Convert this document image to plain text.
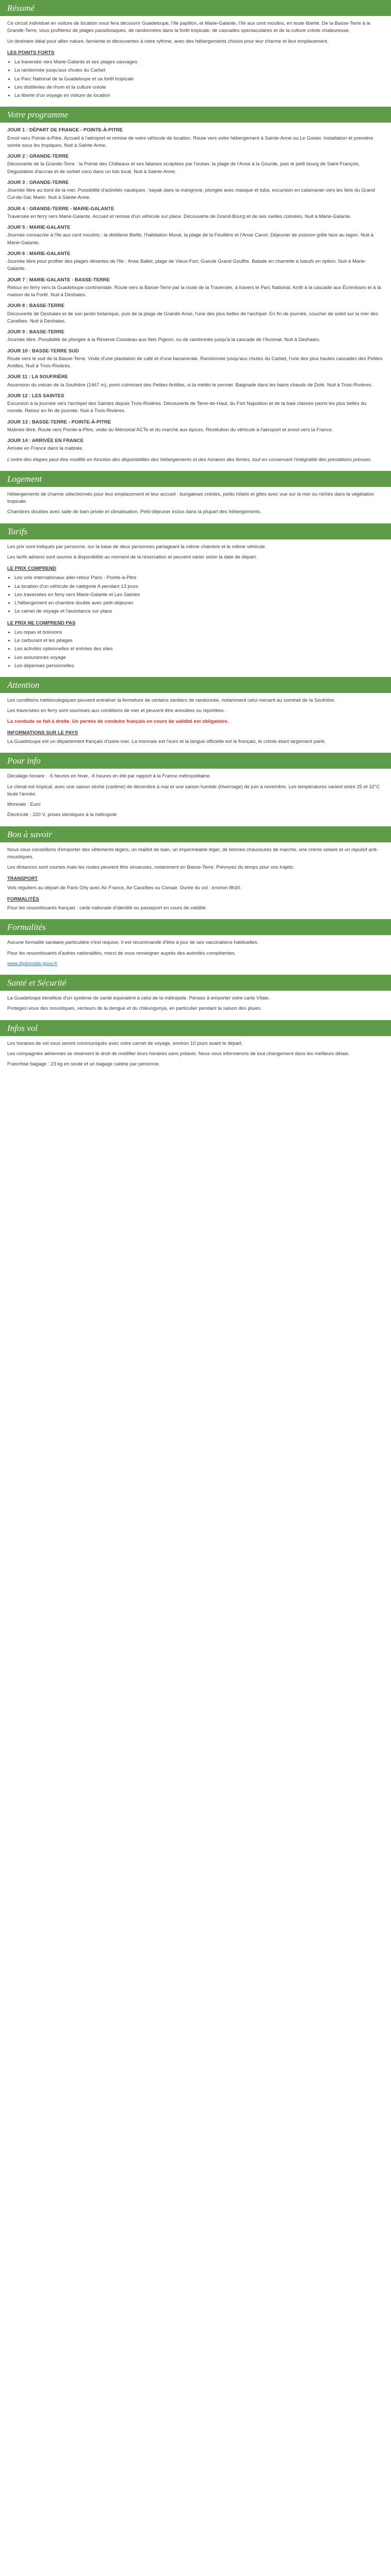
Résumé

Ce circuit individuel en voiture de location vous fera découvrir Guadeloupe, l'île papillon, et Marie-Galante, l'île aux cent moulins, en toute liberté. De la Basse-Terre à la Grande-Terre, vous profiterez de plages paradisiaques, de randonnées dans la forêt tropicale, de cascades spectaculaires et de la culture créole chaleureuse.

Un itinéraire idéal pour allier nature, farniente et découvertes à votre rythme, avec des hébergements choisis pour leur charme et leur emplacement.

LES POINTS FORTS
• La traversée vers Marie-Galante et ses plages sauvages
• La randonnée jusqu'aux chutes du Carbet
• Le Parc National de la Guadeloupe et sa forêt tropicale
• Les distilleries de rhum et la culture créole
• La liberté d'un voyage en voiture de location
Votre programme
JOUR 1 : DÉPART DE FRANCE - POINTE-À-PITRE

Envol vers Pointe-à-Pitre. Accueil à l'aéroport et remise de votre véhicule de location. Route vers votre hébergement à Sainte-Anne ou Le Gosier. Installation et première soirée sous les tropiques. Nuit à Sainte-Anne.

JOUR 2 : GRANDE-TERRE

Découverte de la Grande-Terre : la Pointe des Châteaux et ses falaises sculptées par l'océan, la plage de l'Anse à la Gourde, puis le petit bourg de Saint-François. Dégustation d'accras et de sorbet coco dans un lolo local. Nuit à Sainte-Anne.

JOUR 3 : GRANDE-TERRE

Journée libre au bord de la mer. Possibilité d'activités nautiques : kayak dans la mangrove, plongée avec masque et tuba, excursion en catamaran vers les îlets du Grand Cul-de-Sac Marin. Nuit à Sainte-Anne.

JOUR 4 : GRANDE-TERRE - MARIE-GALANTE

Traversée en ferry vers Marie-Galante. Accueil et remise d'un véhicule sur place. Découverte de Grand-Bourg et de ses ruelles colorées. Nuit à Marie-Galante.

JOUR 5 : MARIE-GALANTE

Journée consacrée à l'île aux cent moulins : la distillerie Bielle, l'habitation Murat, la plage de la Feuillère et l'Anse Canot. Déjeuner de poisson grillé face au lagon. Nuit à Marie-Galante.

JOUR 6 : MARIE-GALANTE

Journée libre pour profiter des plages désertes de l'île : Anse Ballet, plage de Vieux-Fort, Gueule Grand Gouffre. Balade en charrette à bœufs en option. Nuit à Marie-Galante.

JOUR 7 : MARIE-GALANTE - BASSE-TERRE

Retour en ferry vers la Guadeloupe continentale. Route vers la Basse-Terre par la route de la Traversée, à travers le Parc National. Arrêt à la cascade aux Écrevisses et à la maison de la Forêt. Nuit à Deshaies.

JOUR 8 : BASSE-TERRE

Découverte de Deshaies et de son jardin botanique, puis de la plage de Grande Anse, l'une des plus belles de l'archipel. En fin de journée, coucher de soleil sur la mer des Caraïbes. Nuit à Deshaies.

JOUR 9 : BASSE-TERRE

Journée libre. Possibilité de plongée à la Réserve Cousteau aux îlets Pigeon, ou de randonnée jusqu'à la cascade de l'Acomat. Nuit à Deshaies.

JOUR 10 : BASSE-TERRE SUD

Route vers le sud de la Basse-Terre. Visite d'une plantation de café et d'une bananeraie. Randonnée jusqu'aux chutes du Carbet, l'une des plus hautes cascades des Petites Antilles. Nuit à Trois-Rivières.

JOUR 11 : LA SOUFRIÈRE

Ascension du volcan de la Soufrière (1467 m), point culminant des Petites Antilles, si la météo le permet. Baignade dans les bains chauds de Dolé. Nuit à Trois-Rivières.

JOUR 12 : LES SAINTES

Excursion à la journée vers l'archipel des Saintes depuis Trois-Rivières. Découverte de Terre-de-Haut, du Fort Napoléon et de la baie classée parmi les plus belles du monde. Retour en fin de journée. Nuit à Trois-Rivières.

JOUR 13 : BASSE-TERRE - POINTE-À-PITRE

Matinée libre. Route vers Pointe-à-Pitre, visite du Mémorial ACTe et du marché aux épices. Restitution du véhicule à l'aéroport et envol vers la France.

JOUR 14 : ARRIVÉE EN FRANCE

Arrivée en France dans la matinée.

L'ordre des étapes peut être modifié en fonction des disponibilités des hébergements et des horaires des ferries, tout en conservant l'intégralité des prestations prévues.

Logement

Hébergements de charme sélectionnés pour leur emplacement et leur accueil : bungalows créoles, petits hôtels et gîtes avec vue sur la mer ou nichés dans la végétation tropicale.

Chambres doubles avec salle de bain privée et climatisation. Petit-déjeuner inclus dans la plupart des hébergements.

Tarifs

Les prix sont indiqués par personne, sur la base de deux personnes partageant la même chambre et le même véhicule.

Les tarifs aériens sont soumis à disponibilité au moment de la réservation et peuvent varier selon la date de départ.

LE PRIX COMPREND
• Les vols internationaux aller-retour Paris - Pointe-à-Pitre
• La location d'un véhicule de catégorie A pendant 13 jours
• Les traversées en ferry vers Marie-Galante et Les Saintes
• L'hébergement en chambre double avec petit-déjeuner
• Le carnet de voyage et l'assistance sur place
LE PRIX NE COMPREND PAS
• Les repas et boissons
• Le carburant et les péages
• Les activités optionnelles et entrées des sites
• Les assurances voyage
• Les dépenses personnelles
Attention

Les conditions météorologiques peuvent entraîner la fermeture de certains sentiers de randonnée, notamment celui menant au sommet de la Soufrière.

Les traversées en ferry sont soumises aux conditions de mer et peuvent être annulées ou reportées.

La conduite se fait à droite. Un permis de conduire français en cours de validité est obligatoire.

INFORMATIONS SUR LE PAYS

La Guadeloupe est un département français d'outre-mer. La monnaie est l'euro et la langue officielle est le français, le créole étant largement parlé.

Pour info

Décalage horaire : -5 heures en hiver, -6 heures en été par rapport à la France métropolitaine.

Le climat est tropical, avec une saison sèche (carême) de décembre à mai et une saison humide (hivernage) de juin à novembre. Les températures varient entre 25 et 32°C toute l'année.

Monnaie : Euro

Électricité : 220 V, prises identiques à la métropole

Bon à savoir

Nous vous conseillons d'emporter des vêtements légers, un maillot de bain, un imperméable léger, de bonnes chaussures de marche, une crème solaire et un répulsif anti-moustiques.

Les distances sont courtes mais les routes peuvent être sinueuses, notamment en Basse-Terre. Prévoyez du temps pour vos trajets.

TRANSPORT

Vols réguliers au départ de Paris Orly avec Air France, Air Caraïbes ou Corsair. Durée du vol : environ 8h30.

FORMALITÉS

Pour les ressortissants français : carte nationale d'identité ou passeport en cours de validité.

Formalités

Aucune formalité sanitaire particulière n'est requise. Il est recommandé d'être à jour de ses vaccinations habituelles.

Pour les ressortissants d'autres nationalités, merci de vous renseigner auprès des autorités compétentes.

www.diplomatie.gouv.fr

Santé et Sécurité

La Guadeloupe bénéficie d'un système de santé équivalent à celui de la métropole. Pensez à emporter votre carte Vitale.

Protégez-vous des moustiques, vecteurs de la dengue et du chikungunya, en particulier pendant la saison des pluies.

Infos vol

Les horaires de vol vous seront communiqués avec votre carnet de voyage, environ 10 jours avant le départ.

Les compagnies aériennes se réservent le droit de modifier leurs horaires sans préavis. Nous vous informerons de tout changement dans les meilleurs délais.

Franchise bagage : 23 kg en soute et un bagage cabine par personne.
